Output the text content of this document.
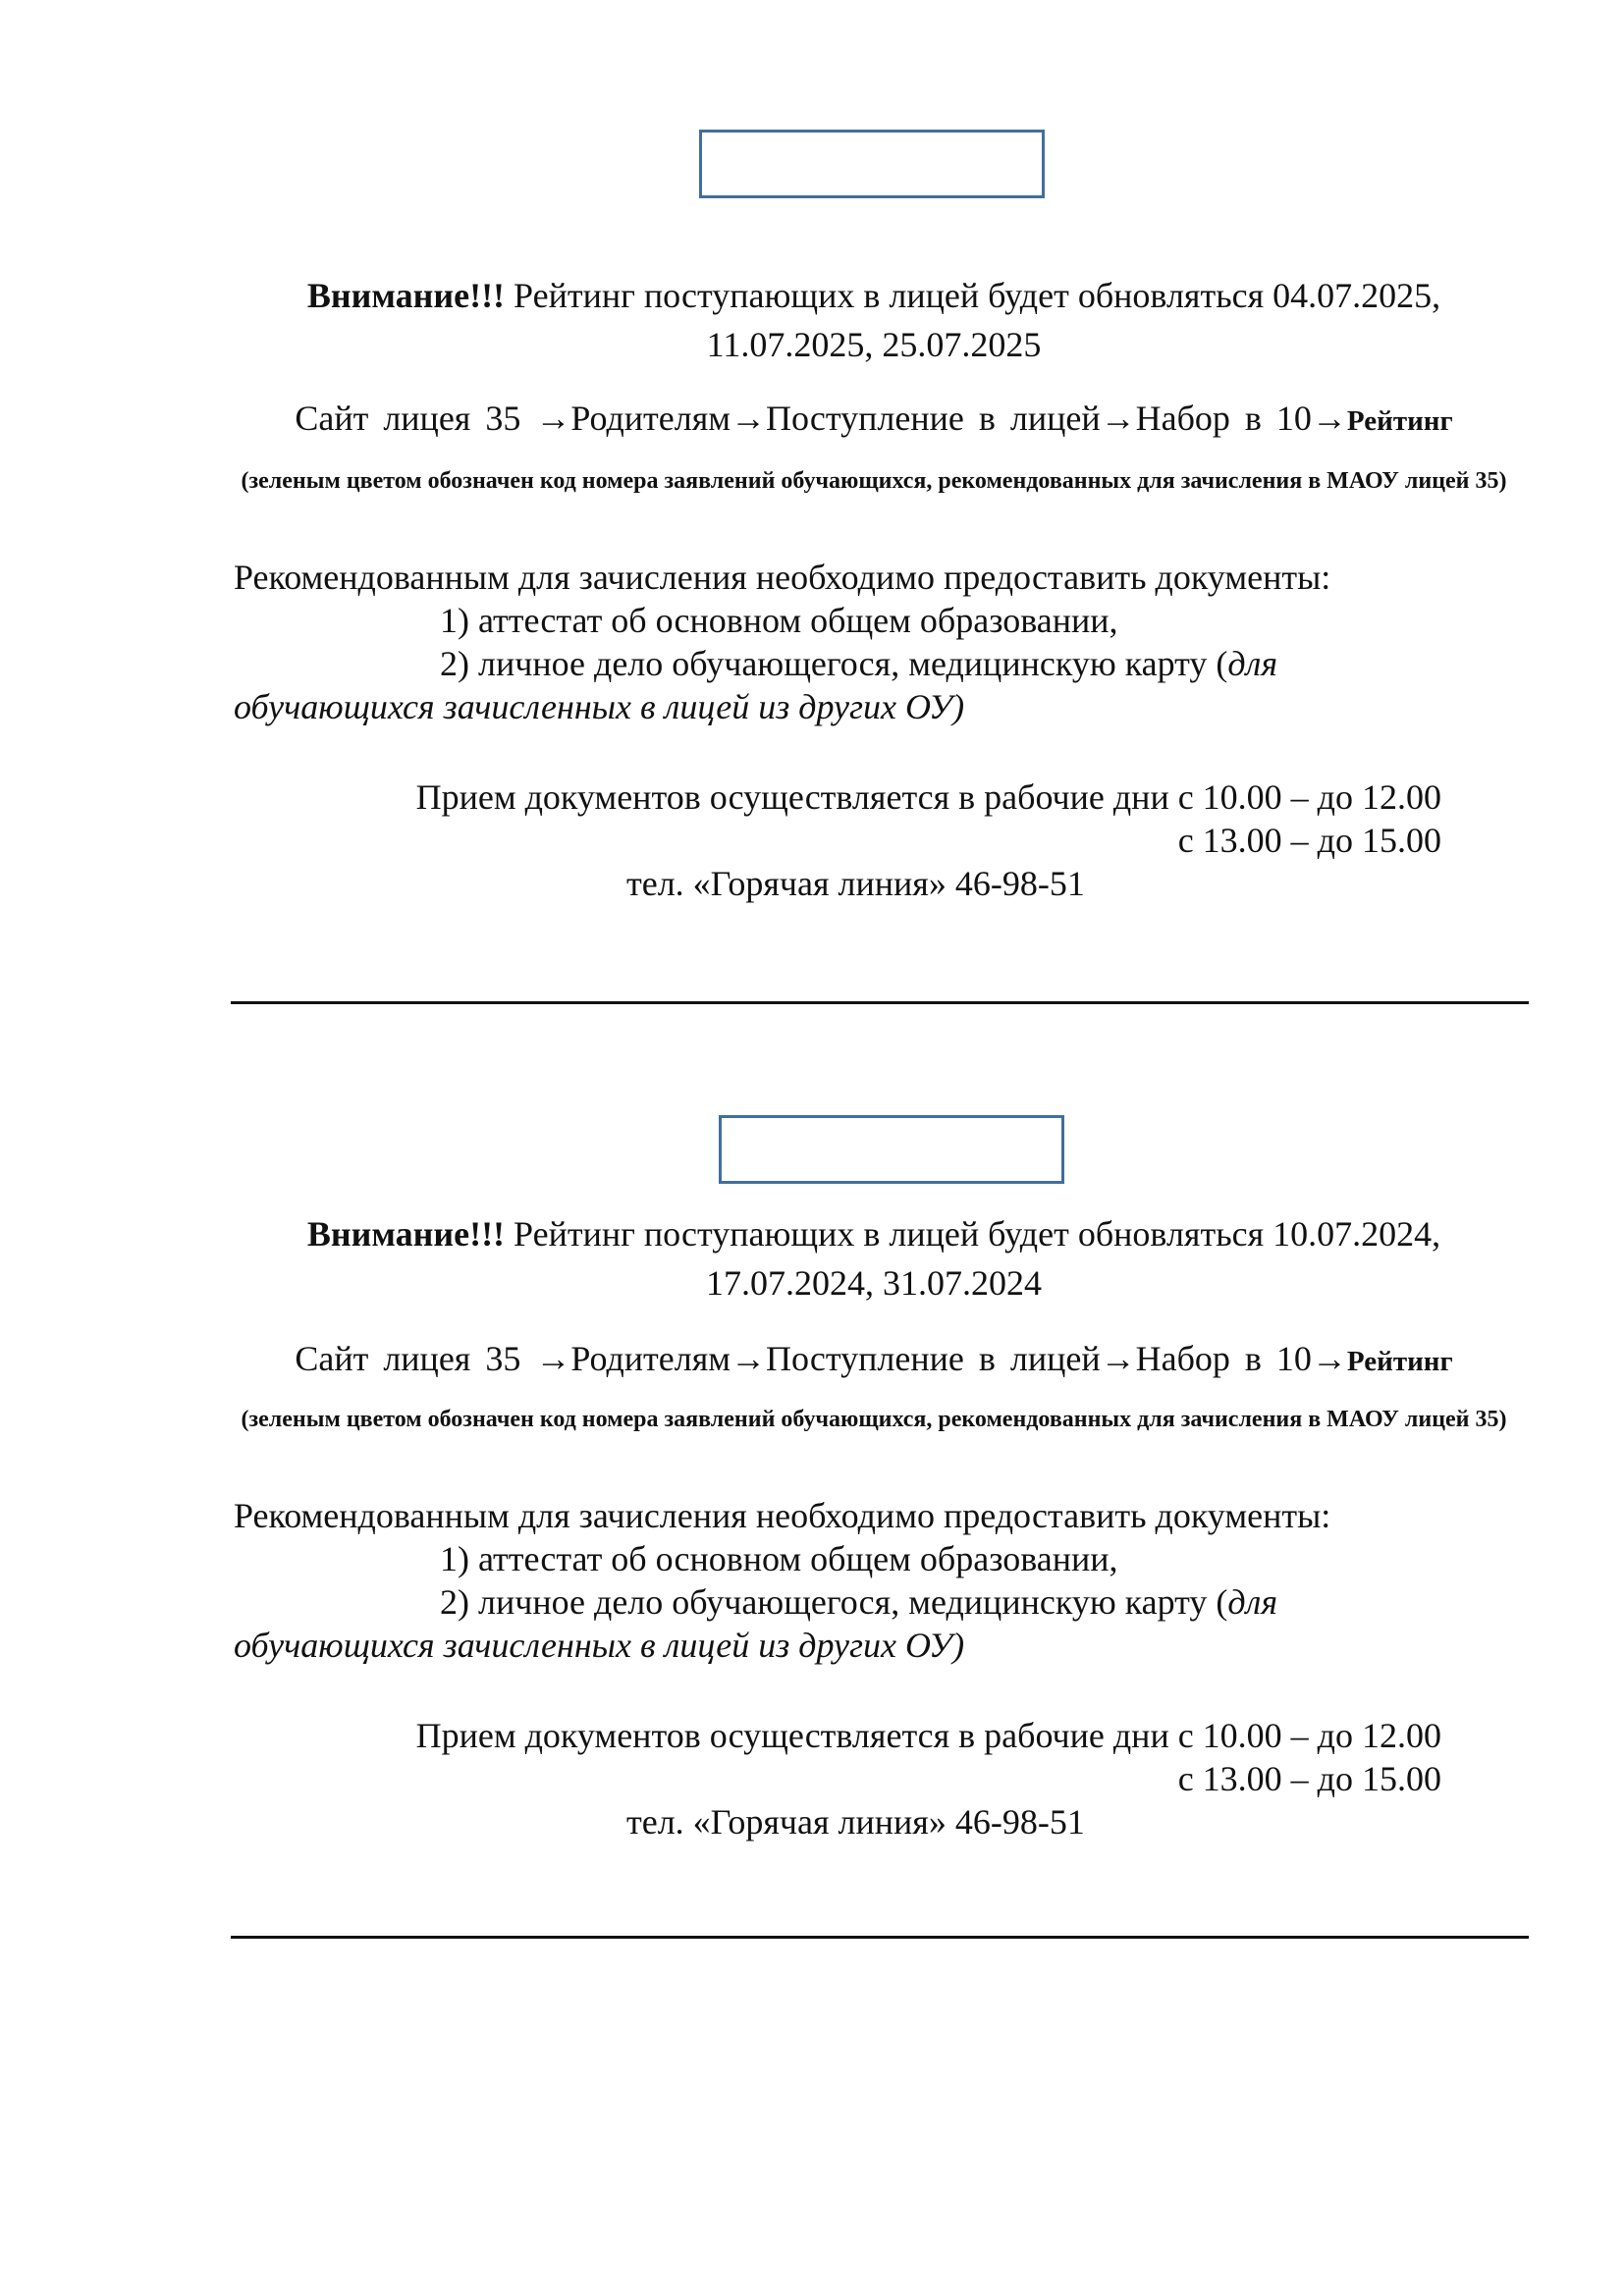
Внимание!!! Рейтинг поступающих в лицей будет обновляться 04.07.2025,
11.07.2025, 25.07.2025
Сайт лицея 35 →Родителям→Поступление в лицей→Набор в 10→Рейтинг
(зеленым цветом обозначен код номера заявлений обучающихся, рекомендованных для зачисления в МАОУ лицей 35)
Рекомендованным для зачисления необходимо предоставить документы:
1) аттестат об основном общем образовании,
2) личное дело обучающегося, медицинскую карту (для
обучающихся зачисленных в лицей из других ОУ)
Прием документов осуществляется в рабочие дни с 10.00 – до 12.00
с 13.00 – до 15.00
тел. «Горячая линия» 46-98-51
Внимание!!! Рейтинг поступающих в лицей будет обновляться 10.07.2024,
17.07.2024, 31.07.2024
Сайт лицея 35 →Родителям→Поступление в лицей→Набор в 10→Рейтинг
(зеленым цветом обозначен код номера заявлений обучающихся, рекомендованных для зачисления в МАОУ лицей 35)
Рекомендованным для зачисления необходимо предоставить документы:
1) аттестат об основном общем образовании,
2) личное дело обучающегося, медицинскую карту (для
обучающихся зачисленных в лицей из других ОУ)
Прием документов осуществляется в рабочие дни с 10.00 – до 12.00
с 13.00 – до 15.00
тел. «Горячая линия» 46-98-51
